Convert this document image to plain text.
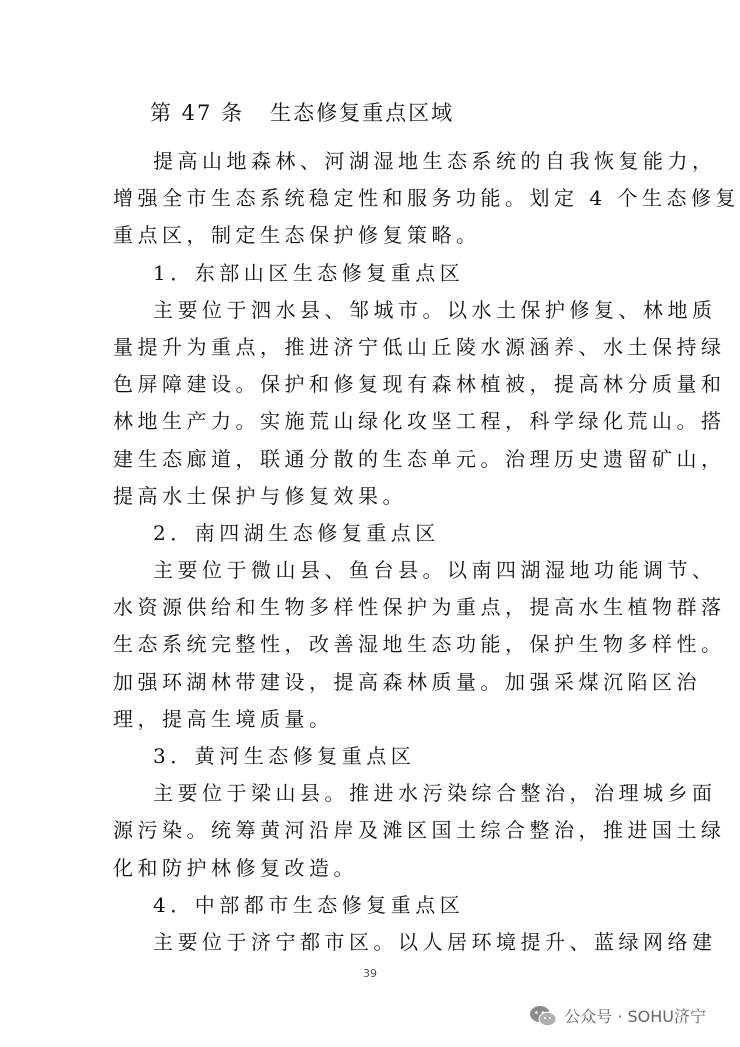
第 47 条 生态修复重点区域
提高山地森林、河湖湿地生态系统的自我恢复能力，
增强全市生态系统稳定性和服务功能。划定 4 个生态修复
重点区，制定生态保护修复策略。
1．东部山区生态修复重点区
主要位于泗水县、邹城市。以水土保护修复、林地质
量提升为重点，推进济宁低山丘陵水源涵养、水土保持绿
色屏障建设。保护和修复现有森林植被，提高林分质量和
林地生产力。实施荒山绿化攻坚工程，科学绿化荒山。搭
建生态廊道，联通分散的生态单元。治理历史遗留矿山，
提高水土保护与修复效果。
2．南四湖生态修复重点区
主要位于微山县、鱼台县。以南四湖湿地功能调节、
水资源供给和生物多样性保护为重点，提高水生植物群落
生态系统完整性，改善湿地生态功能，保护生物多样性。
加强环湖林带建设，提高森林质量。加强采煤沉陷区治
理，提高生境质量。
3．黄河生态修复重点区
主要位于梁山县。推进水污染综合整治，治理城乡面
源污染。统筹黄河沿岸及滩区国土综合整治，推进国土绿
化和防护林修复改造。
4．中部都市生态修复重点区
主要位于济宁都市区。以人居环境提升、蓝绿网络建
39
公众号 · SOHU济宁
